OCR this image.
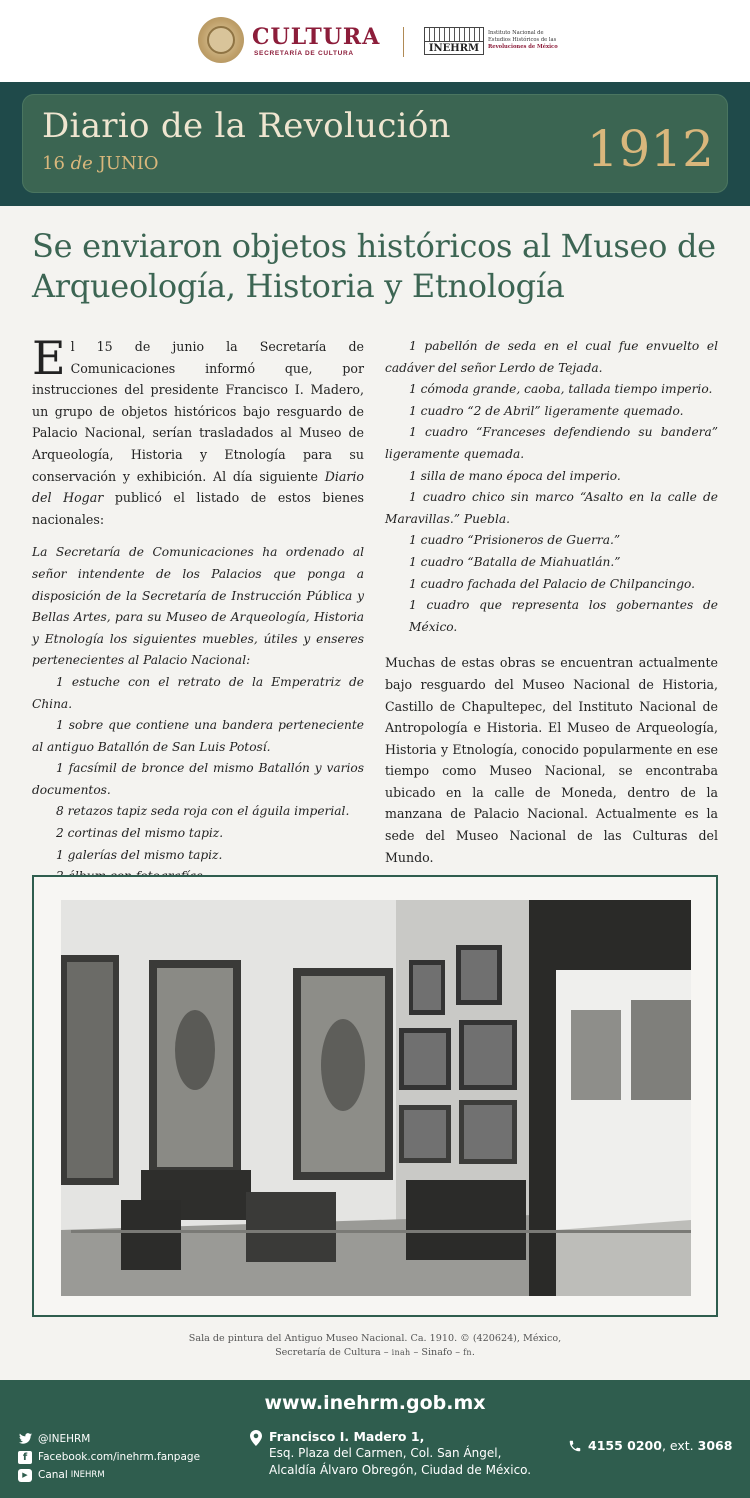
CULTURA
SECRETARÍA DE CULTURA	INEHRM
Instituto Nacional de
Estudios Históricos de las
Revoluciones de México
Diario de la Revolución
16 de JUNIO	1912
Se enviaron objetos históricos al Museo de Arqueología, Historia y Etnología

El 15 de junio la Secretaría de Comunicaciones informó que, por instrucciones del presidente Francisco I. Madero, un grupo de objetos históricos bajo resguardo de Palacio Nacional, serían trasladados al Museo de Arqueología, Historia y Etnología para su conservación y exhibición. Al día siguiente Diario del Hogar publicó el listado de estos bienes nacionales:

La Secretaría de Comunicaciones ha ordenado al señor intendente de los Palacios que ponga a disposición de la Secretaría de Instrucción Pública y Bellas Artes, para su Museo de Arqueología, Historia y Etnología los siguientes muebles, útiles y enseres pertenecientes al Palacio Nacional:

1 estuche con el retrato de la Emperatriz de China.

1 sobre que contiene una bandera perteneciente al antiguo Batallón de San Luis Potosí.

1 facsímil de bronce del mismo Batallón y varios documentos.

8 retazos tapiz seda roja con el águila imperial.

2 cortinas del mismo tapiz.

1 galerías del mismo tapiz.

1 pabellón de seda en el cual fue envuelto el cadáver del señor Lerdo de Tejada.

1 cómoda grande, caoba, tallada tiempo imperio.

1 cuadro “2 de Abril” ligeramente quemado.

1 cuadro “Franceses defendiendo su bandera” ligeramente quemada.

1 silla de mano época del imperio.

1 cuadro chico sin marco “Asalto en la calle de Maravillas.” Puebla.

1 cuadro “Prisioneros de Guerra.”

1 cuadro “Batalla de Miahuatlán.”

1 cuadro fachada del Palacio de Chilpancingo.

1 cuadro que representa los gobernantes de México.

Muchas de estas obras se encuentran actualmente bajo resguardo del Museo Nacional de Historia, Castillo de Chapultepec, del Instituto Nacional de Antropología e Historia. El Museo de Arqueología, Historia y Etnología, conocido popularmente en ese tiempo como Museo Nacional, se encontraba ubicado en la calle de Moneda, dentro de la manzana de Palacio Nacional. Actualmente es la sede del Museo Nacional de las Culturas del Mundo.

Sala de pintura del Antiguo Museo Nacional. Ca. 1910. © (420624), México,
Secretaría de Cultura – inah – Sinafo – fn.
www.inehrm.gob.mx
@INEHRM
f	Facebook.com/inehrm.fanpage
▶ Canal INEHRM
Francisco I. Madero 1,
Esq. Plaza del Carmen, Col. San Ángel,
Alcaldía Álvaro Obregón, Ciudad de México.
4155 0200 , ext. 3068
